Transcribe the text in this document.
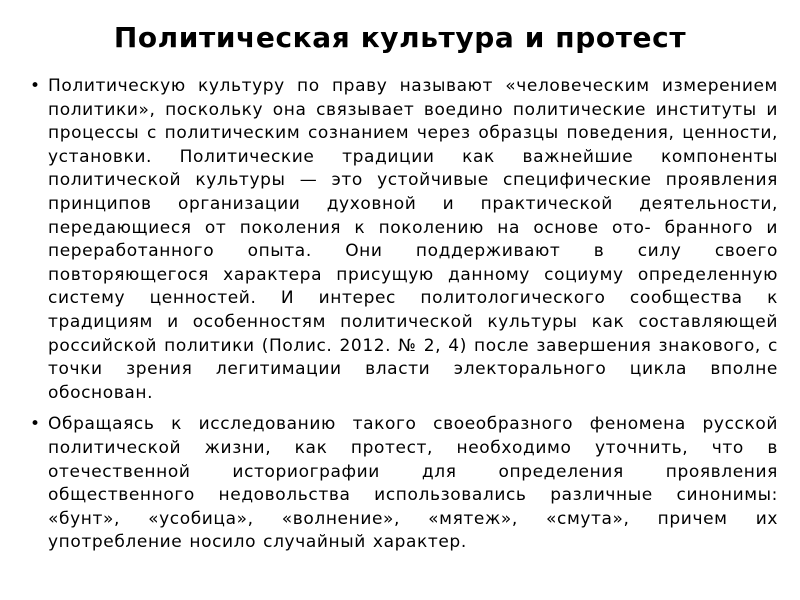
Политическая культура и протест
• Политическую культуру по праву называют «человеческим измерением политики», поскольку она связывает воедино политические институты и процессы с политическим сознанием через образцы поведения, ценности, установки. Политические традиции как важнейшие компоненты политической культуры — это устойчивые специфические проявления принципов организации духовной и практической деятельности, передающиеся от поколения к поколению на основе ото- бранного и переработанного опыта. Они поддерживают в силу своего повторяющегося характера присущую данному социуму определенную систему ценностей. И интерес политологического сообщества к традициям и особенностям политической культуры как составляющей российской политики (Полис. 2012. № 2, 4) после завершения знакового, с точки зрения легитимации власти электорального цикла вполне обоснован.
• Обращаясь к исследованию такого своеобразного феномена русской политической жизни, как протест, необходимо уточнить, что в отечественной историографии для определения проявления общественного недовольства использовались различные синонимы: «бунт», «усобица», «волнение», «мятеж», «смута», причем их употребление носило случайный характер.
